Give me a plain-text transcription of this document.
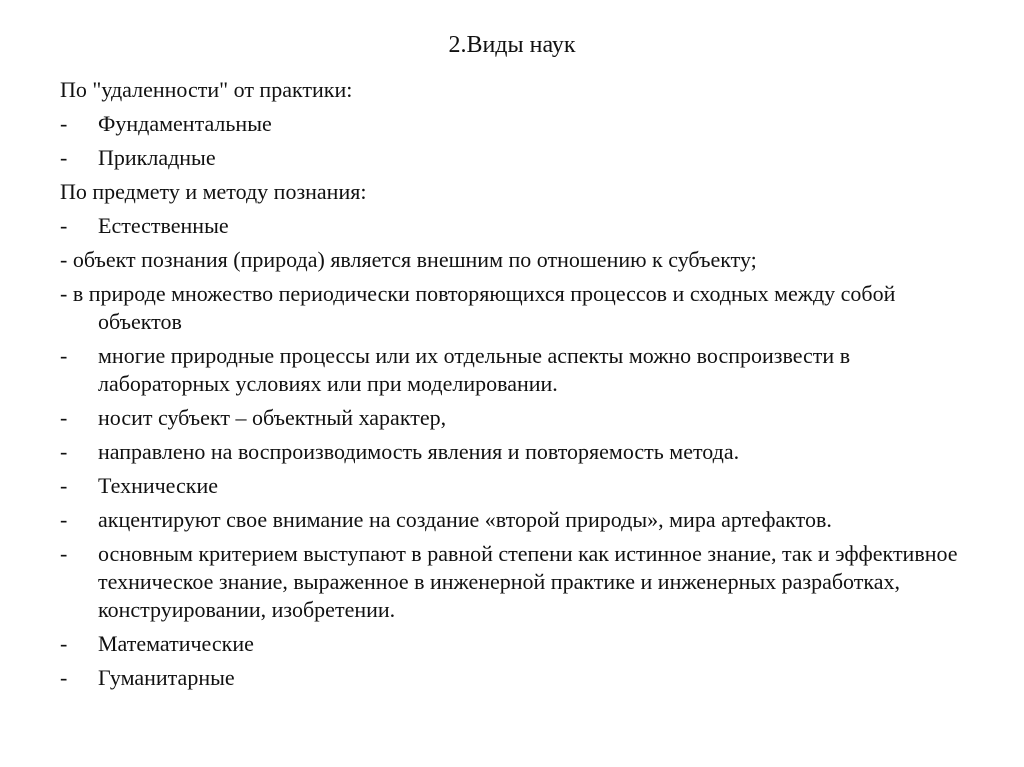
2.Виды наук
По "удаленности" от практики:
- Фундаментальные
- Прикладные
По предмету и методу познания:
- Естественные
- объект познания (природа) является внешним по отношению к субъекту;
- в природе множество периодически повторяющихся процессов и сходных между собой объектов
- многие природные процессы или их отдельные аспекты можно воспроизвести в лабораторных условиях или при моделировании.
- носит субъект – объектный характер,
- направлено на воспроизводимость явления и повторяемость метода.
- Технические
- акцентируют свое внимание на создание «второй природы», мира артефактов.
- основным критерием выступают в равной степени как истинное знание, так и эффективное техническое знание, выраженное в инженерной практике и инженерных разработках, конструировании, изобретении.
- Математические
- Гуманитарные
